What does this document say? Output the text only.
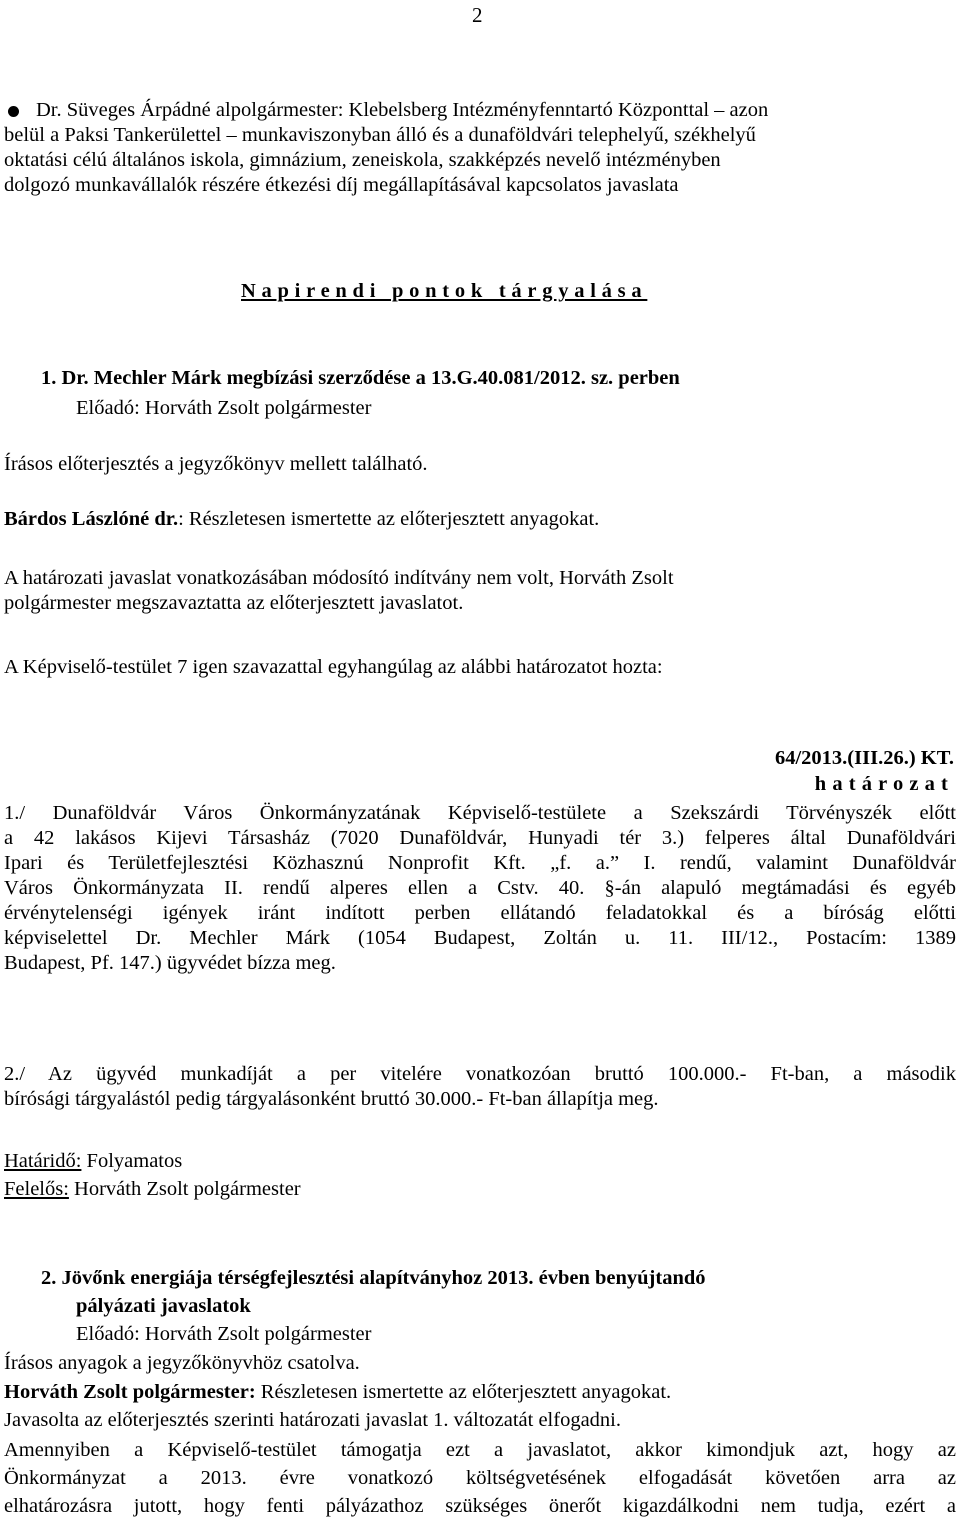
2
Dr. Süveges Árpádné alpolgármester: Klebelsberg Intézményfenntartó Központtal – azon
belül a Paksi Tankerülettel – munkaviszonyban álló és a dunaföldvári telephelyű, székhelyű
oktatási célú általános iskola, gimnázium, zeneiskola, szakképzés nevelő intézményben
dolgozó munkavállalók részére étkezési díj megállapításával kapcsolatos javaslata
Napirendi pontok tárgyalása
1. Dr. Mechler Márk megbízási szerződése a 13.G.40.081/2012. sz. perben
Előadó: Horváth Zsolt polgármester
Írásos előterjesztés a jegyzőkönyv mellett található.
Bárdos Lászlóné dr.: Részletesen ismertette az előterjesztett anyagokat.
A határozati javaslat vonatkozásában módosító indítvány nem volt, Horváth Zsolt
polgármester megszavaztatta az előterjesztett javaslatot.
A Képviselő-testület 7 igen szavazattal egyhangúlag az alábbi határozatot hozta:
64/2013.(III.26.) KT.
határozat
1./ Dunaföldvár Város Önkormányzatának Képviselő-testülete a Szekszárdi Törvényszék előtt
a 42 lakásos Kijevi Társasház (7020 Dunaföldvár, Hunyadi tér 3.) felperes által Dunaföldvári
Ipari és Területfejlesztési Közhasznú Nonprofit Kft. „f. a.” I. rendű, valamint Dunaföldvár
Város Önkormányzata II. rendű alperes ellen a Cstv. 40. §-án alapuló megtámadási és egyéb
érvénytelenségi igények iránt indított perben ellátandó feladatokkal és a bíróság előtti
képviselettel Dr. Mechler Márk (1054 Budapest, Zoltán u. 11. III/12., Postacím: 1389
Budapest, Pf. 147.) ügyvédet bízza meg.
2./ Az ügyvéd munkadíját a per vitelére vonatkozóan bruttó 100.000.- Ft-ban, a második
bírósági tárgyalástól pedig tárgyalásonként bruttó 30.000.- Ft-ban állapítja meg.
Határidő: Folyamatos
Felelős: Horváth Zsolt polgármester
2. Jövőnk energiája térségfejlesztési alapítványhoz 2013. évben benyújtandó
pályázati javaslatok
Előadó: Horváth Zsolt polgármester
Írásos anyagok a jegyzőkönyvhöz csatolva.
Horváth Zsolt polgármester: Részletesen ismertette az előterjesztett anyagokat.
Javasolta az előterjesztés szerinti határozati javaslat 1. változatát elfogadni.
Amennyiben a Képviselő-testület támogatja ezt a javaslatot, akkor kimondjuk azt, hogy az
Önkormányzat a 2013. évre vonatkozó költségvetésének elfogadását követően arra az
elhatározásra jutott, hogy fenti pályázathoz szükséges önerőt kigazdálkodni nem tudja, ezért a
